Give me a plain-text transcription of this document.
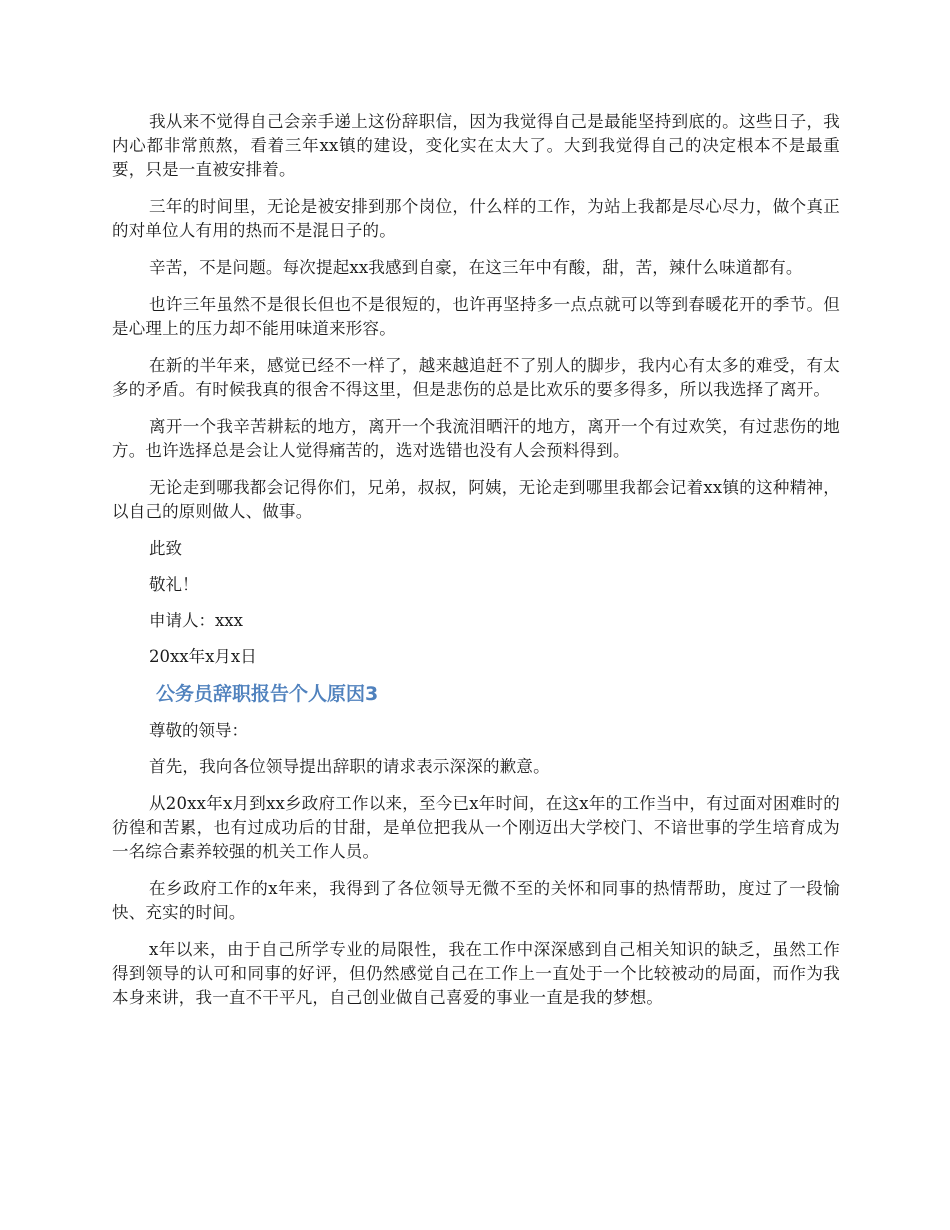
我从来不觉得自己会亲手递上这份辞职信，因为我觉得自己是最能坚持到底的。这些日子，我内心都非常煎熬，看着三年xx镇的建设，变化实在太大了。大到我觉得自己的决定根本不是最重要，只是一直被安排着。

三年的时间里，无论是被安排到那个岗位，什么样的工作，为站上我都是尽心尽力，做个真正的对单位人有用的热而不是混日子的。

辛苦，不是问题。每次提起xx我感到自豪，在这三年中有酸，甜，苦，辣什么味道都有。

也许三年虽然不是很长但也不是很短的，也许再坚持多一点点就可以等到春暖花开的季节。但是心理上的压力却不能用味道来形容。

在新的半年来，感觉已经不一样了，越来越追赶不了别人的脚步，我内心有太多的难受，有太多的矛盾。有时候我真的很舍不得这里，但是悲伤的总是比欢乐的要多得多，所以我选择了离开。

离开一个我辛苦耕耘的地方，离开一个我流泪晒汗的地方，离开一个有过欢笑，有过悲伤的地方。也许选择总是会让人觉得痛苦的，选对选错也没有人会预料得到。

无论走到哪我都会记得你们，兄弟，叔叔，阿姨，无论走到哪里我都会记着xx镇的这种精神，以自己的原则做人、做事。

此致

敬礼！

申请人：xxx

20xx年x月x日

公务员辞职报告个人原因3

尊敬的领导：

首先，我向各位领导提出辞职的请求表示深深的歉意。

从20xx年x月到xx乡政府工作以来，至今已x年时间，在这x年的工作当中，有过面对困难时的彷徨和苦累，也有过成功后的甘甜，是单位把我从一个刚迈出大学校门、不谙世事的学生培育成为一名综合素养较强的机关工作人员。

在乡政府工作的x年来，我得到了各位领导无微不至的关怀和同事的热情帮助，度过了一段愉快、充实的时间。

x年以来，由于自己所学专业的局限性，我在工作中深深感到自己相关知识的缺乏，虽然工作得到领导的认可和同事的好评，但仍然感觉自己在工作上一直处于一个比较被动的局面，而作为我本身来讲，我一直不干平凡，自己创业做自己喜爱的事业一直是我的梦想。
